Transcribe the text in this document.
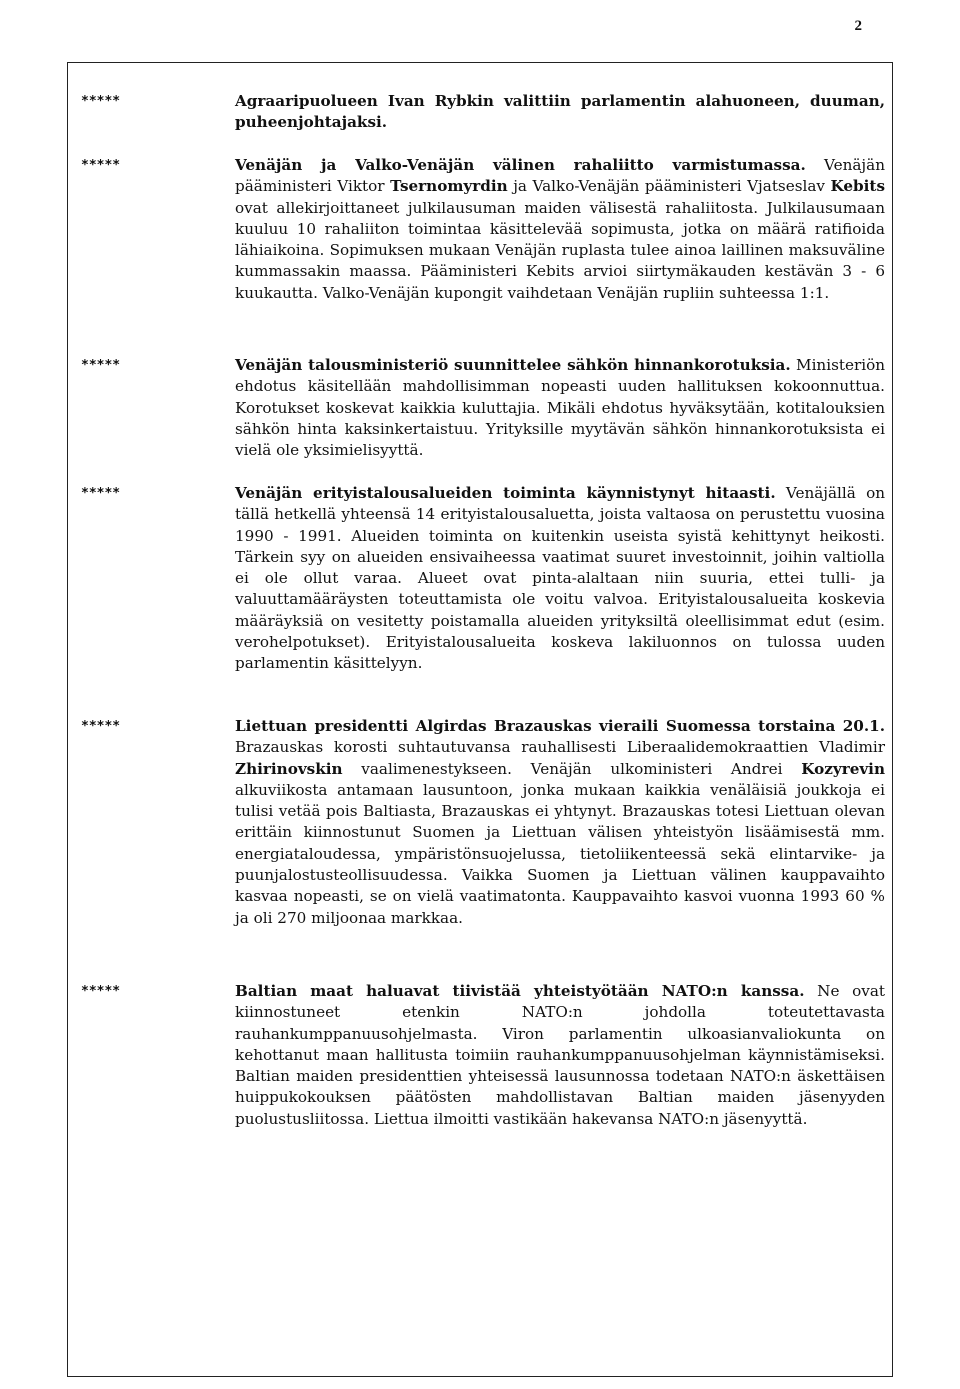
2
*****	Agraaripuolueen Ivan Rybkin valittiin parlamentin alahuoneen, duuman, puheenjohtajaksi.
*****	Venäjän ja Valko-Venäjän välinen rahaliitto varmistumassa. Venäjän pääministeri Viktor Tsernomyrdin ja Valko-Venäjän pääministeri Vjatseslav Kebits ovat allekirjoittaneet julkilausuman maiden välisestä rahaliitosta. Julkilausumaan kuuluu 10 rahaliiton toimintaa käsittelevää sopimusta, jotka on määrä ratifioida lähiaikoina. Sopimuksen mukaan Venäjän ruplasta tulee ainoa laillinen maksuväline kummassakin maassa. Pääministeri Kebits arvioi siirtymäkauden kestävän 3 - 6 kuukautta. Valko-Venäjän kupongit vaihdetaan Venäjän rupliin suhteessa 1:1.
*****	Venäjän talousministeriö suunnittelee sähkön hinnankorotuksia. Ministeriön ehdotus käsitellään mahdollisimman nopeasti uuden hallituksen kokoonnuttua. Korotukset koskevat kaikkia kuluttajia. Mikäli ehdotus hyväksytään, kotitalouksien sähkön hinta kaksinkertaistuu. Yrityksille myytävän sähkön hinnankorotuksista ei vielä ole yksimielisyyttä.
*****	Venäjän erityistalousalueiden toiminta käynnistynyt hitaasti. Venäjällä on tällä hetkellä yhteensä 14 erityistalousaluetta, joista valtaosa on perustettu vuosina 1990 - 1991. Alueiden toiminta on kuitenkin useista syistä kehittynyt heikosti. Tärkein syy on alueiden ensivaiheessa vaatimat suuret investoinnit, joihin valtiolla ei ole ollut varaa. Alueet ovat pinta-alaltaan niin suuria, ettei tulli- ja valuuttamääräysten toteuttamista ole voitu valvoa. Erityistalousalueita koskevia määräyksiä on vesitetty poistamalla alueiden yrityksiltä oleellisimmat edut (esim. verohelpotukset). Erityistalousalueita koskeva lakiluonnos on tulossa uuden parlamentin käsittelyyn.
*****	Liettuan presidentti Algirdas Brazauskas vieraili Suomessa torstaina 20.1. Brazauskas korosti suhtautuvansa rauhallisesti Liberaalidemokraattien Vladimir Zhirinovskin vaalimenestykseen. Venäjän ulkoministeri Andrei Kozyrevin alkuviikosta antamaan lausuntoon, jonka mukaan kaikkia venäläisiä joukkoja ei tulisi vetää pois Baltiasta, Brazauskas ei yhtynyt. Brazauskas totesi Liettuan olevan erittäin kiinnostunut Suomen ja Liettuan välisen yhteistyön lisäämisestä mm. energiataloudessa, ympäristönsuojelussa, tietoliikenteessä sekä elintarvike- ja puunjalostusteollisuudessa. Vaikka Suomen ja Liettuan välinen kauppavaihto kasvaa nopeasti, se on vielä vaatimatonta. Kauppavaihto kasvoi vuonna 1993 60 % ja oli 270 miljoonaa markkaa.
*****	Baltian maat haluavat tiivistää yhteistyötään NATO:n kanssa. Ne ovat kiinnostuneet etenkin NATO:n johdolla toteutettavasta rauhankumppanuusohjelmasta. Viron parlamentin ulkoasianvaliokunta on kehottanut maan hallitusta toimiin rauhankumppanuusohjelman käynnistämiseksi. Baltian maiden presidenttien yhteisessä lausunnossa todetaan NATO:n äskettäisen huippukokouksen päätösten mahdollistavan Baltian maiden jäsenyyden puolustusliitossa. Liettua ilmoitti vastikään hakevansa NATO:n jäsenyyttä.
